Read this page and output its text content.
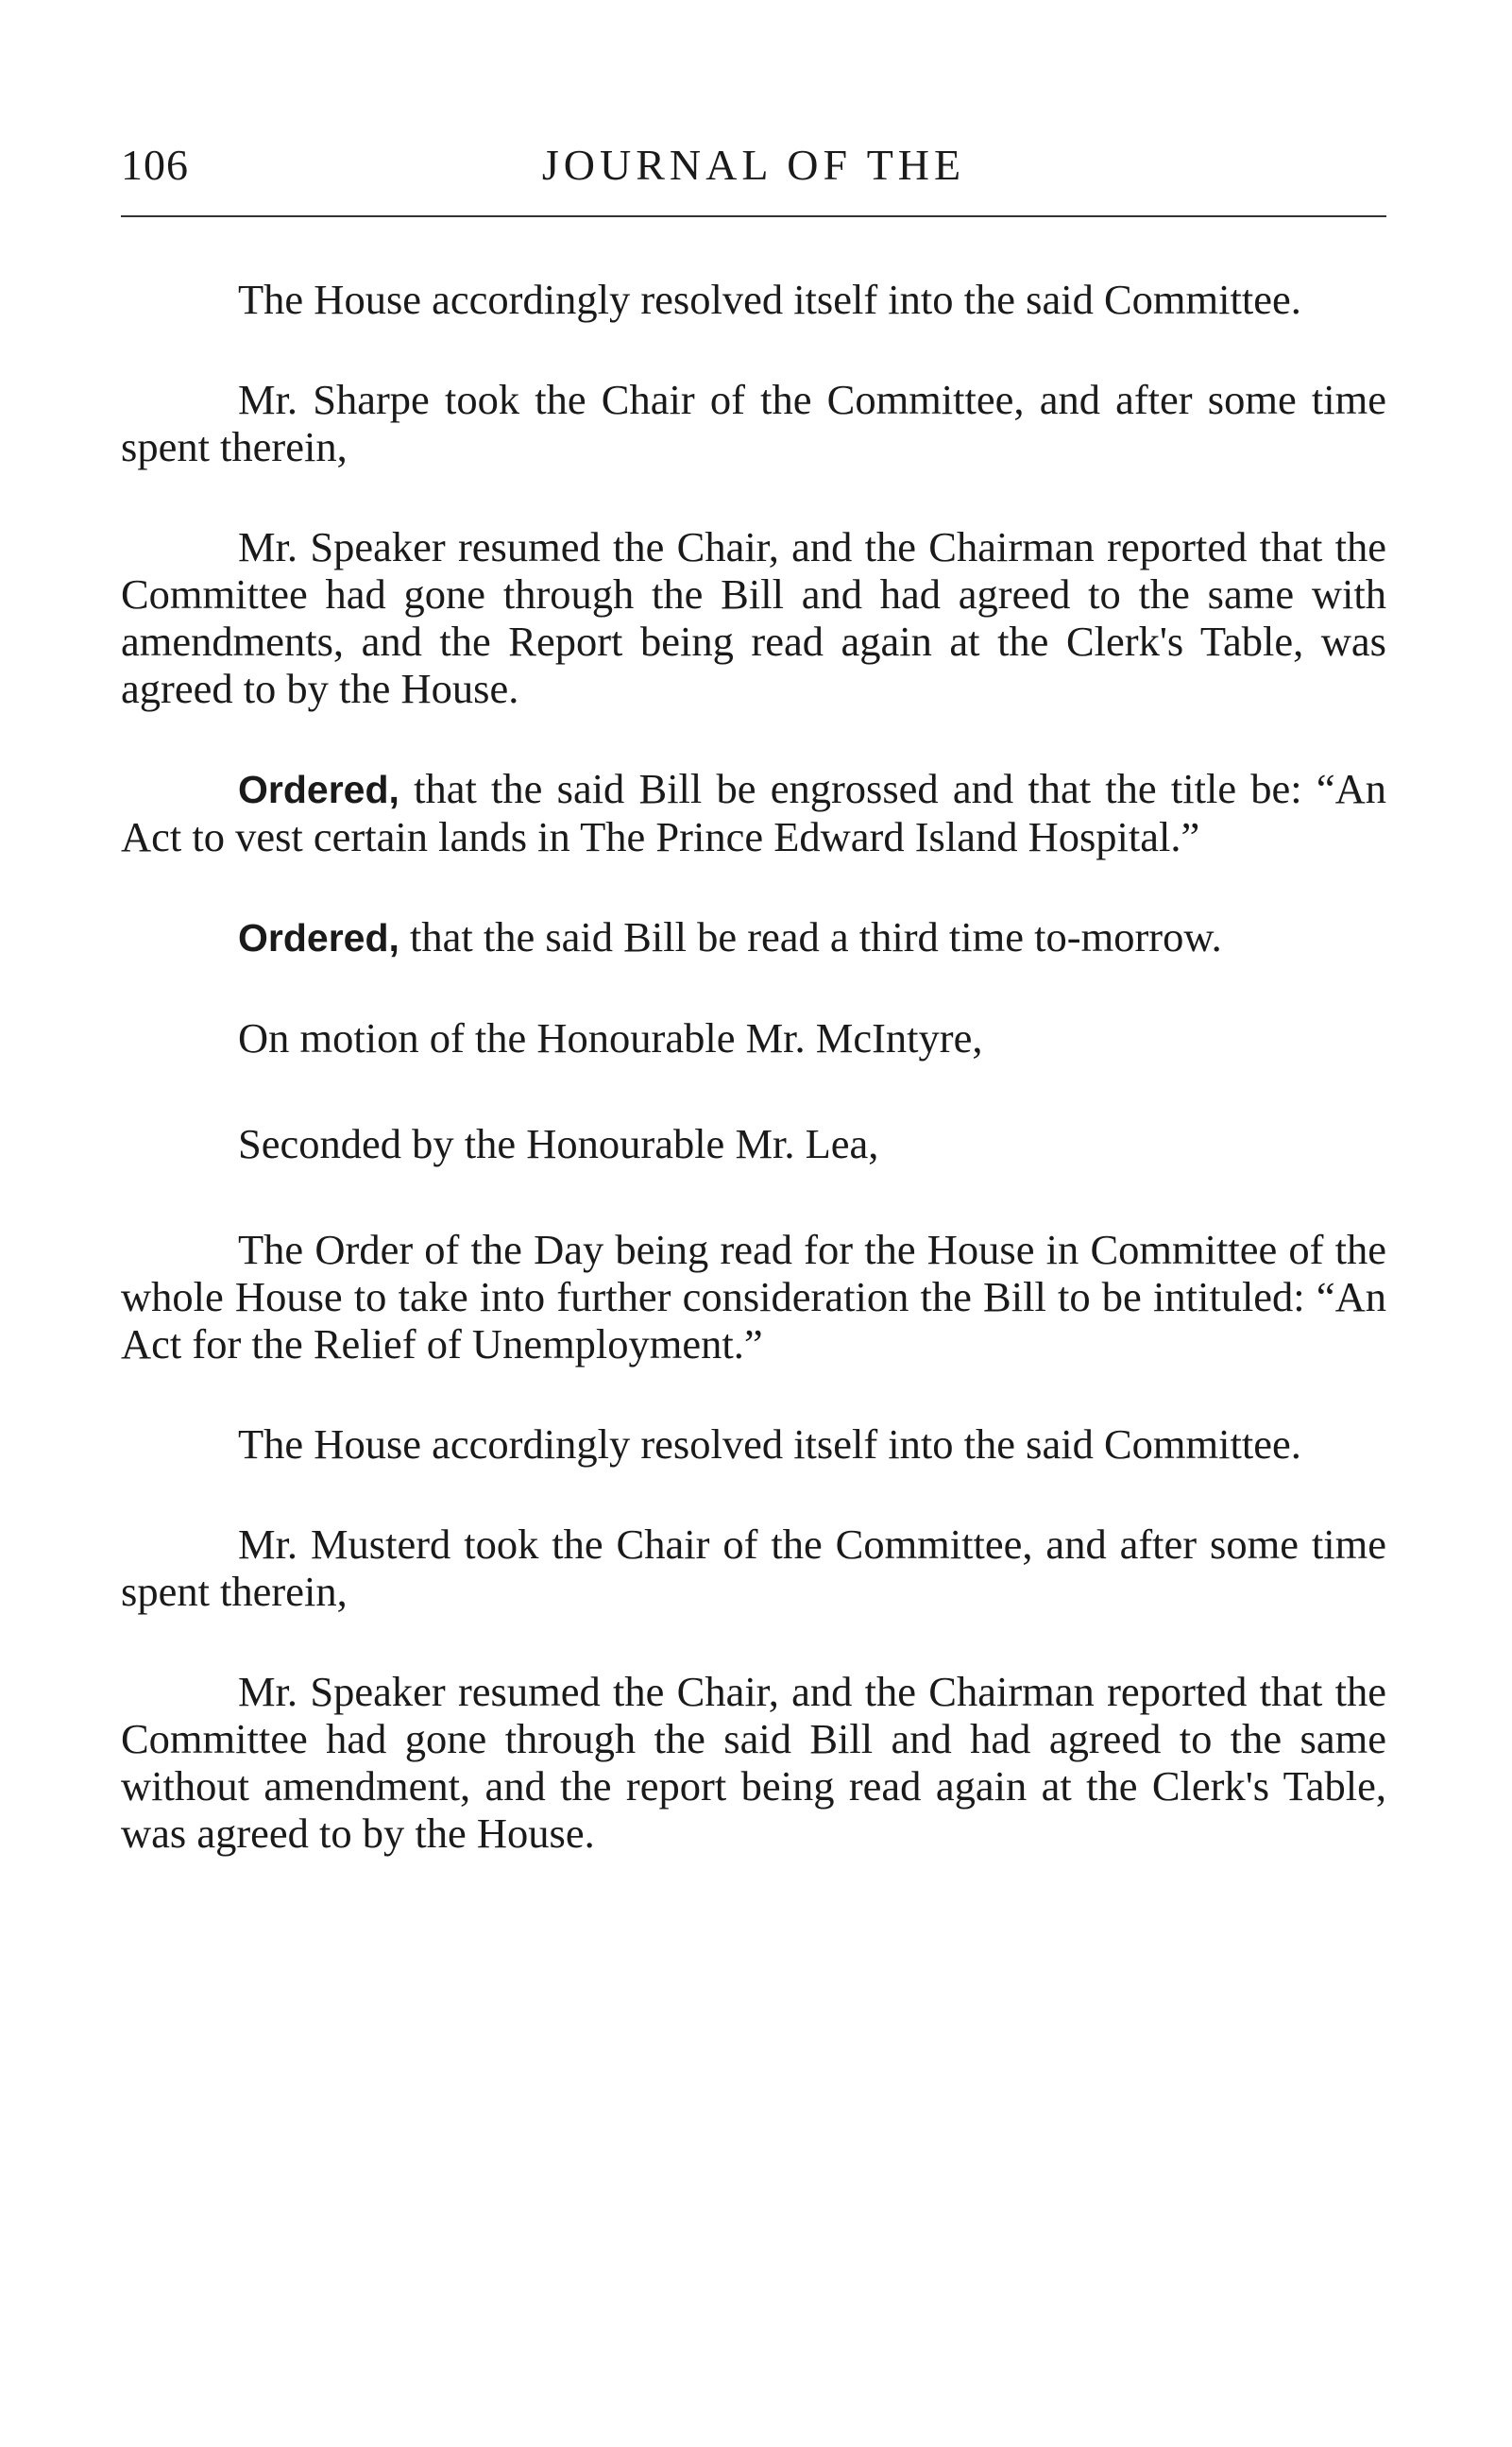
106	JOURNAL OF THE

The House accordingly resolved itself into the said Committee.

Mr. Sharpe took the Chair of the Committee, and after some time spent therein,

Mr. Speaker resumed the Chair, and the Chairman reported that the Committee had gone through the Bill and had agreed to the same with amendments, and the Report being read again at the Clerk's Table, was agreed to by the House.

Ordered, that the said Bill be engrossed and that the title be: “An Act to vest certain lands in The Prince Edward Island Hospital.”

Ordered, that the said Bill be read a third time to-morrow.

On motion of the Honourable Mr. McIntyre,

Seconded by the Honourable Mr. Lea,

The Order of the Day being read for the House in Committee of the whole House to take into further consideration the Bill to be intituled: “An Act for the Relief of Unemployment.”

The House accordingly resolved itself into the said Committee.

Mr. Musterd took the Chair of the Committee, and after some time spent therein,

Mr. Speaker resumed the Chair, and the Chairman reported that the Committee had gone through the said Bill and had agreed to the same without amendment, and the report being read again at the Clerk's Table, was agreed to by the House.
